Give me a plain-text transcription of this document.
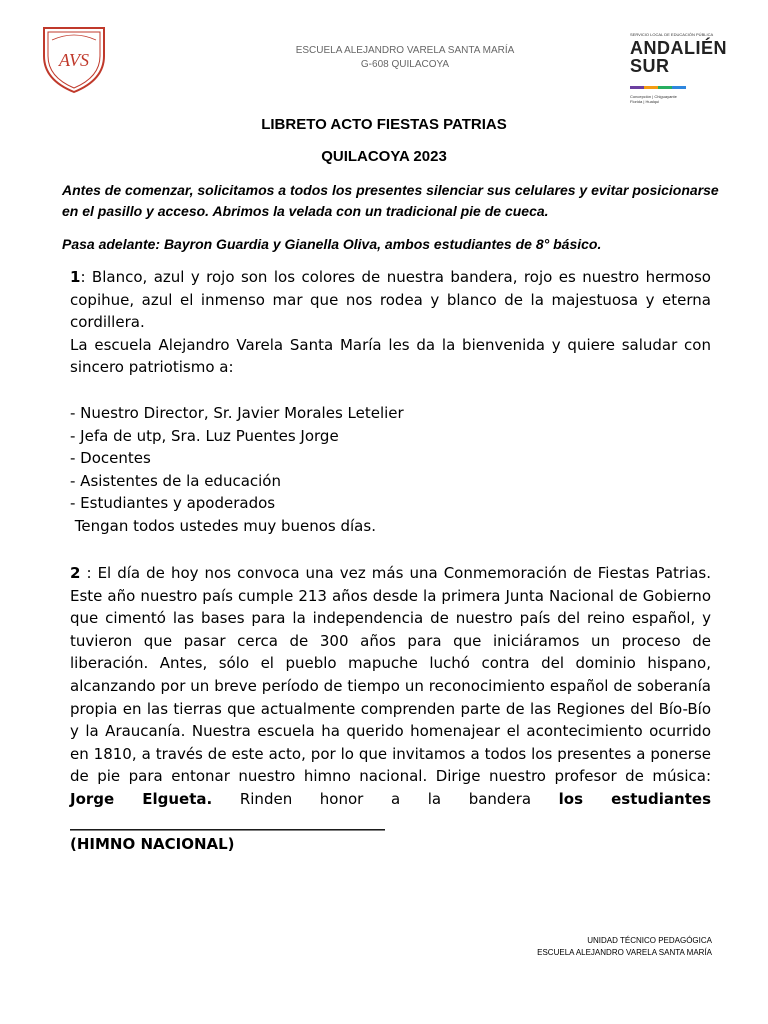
AVS	ESCUELA ALEJANDRO VARELA SANTA MARÍA
G-608 QUILACOYA
SERVICIO LOCAL DE EDUCACIÓN PÚBLICA
ANDALIÉN
SUR
Concepción | Chiguayante
Florida | Hualqui
LIBRETO ACTO FIESTAS PATRIAS
QUILACOYA 2023
Antes de comenzar, solicitamos a todos los presentes silenciar sus celulares y evitar posicionarse en el pasillo y acceso. Abrimos la velada con un tradicional pie de cueca.
Pasa adelante: Bayron Guardia y Gianella Oliva, ambos estudiantes de 8° básico.

1: Blanco, azul y rojo son los colores de nuestra bandera, rojo es nuestro hermoso copihue, azul el inmenso mar que nos rodea y blanco de la majestuosa y eterna cordillera.

La escuela Alejandro Varela Santa María les da la bienvenida y quiere saludar con sincero patriotismo a:

- Nuestro Director, Sr. Javier Morales Letelier
- Jefa de utp, Sra. Luz Puentes Jorge
- Docentes
- Asistentes de la educación
- Estudiantes y apoderados
Tengan todos ustedes muy buenos días.

2 : El día de hoy nos convoca una vez más una Conmemoración de Fiestas Patrias. Este año nuestro país cumple 213 años desde la primera Junta Nacional de Gobierno que cimentó las bases para la independencia de nuestro país del reino español, y tuvieron que pasar cerca de 300 años para que iniciáramos un proceso de liberación. Antes, sólo el pueblo mapuche luchó contra del dominio hispano, alcanzando por un breve período de tiempo un reconocimiento español de soberanía propia en las tierras que actualmente comprenden parte de las Regiones del Bío-Bío y la Araucanía. Nuestra escuela ha querido homenajear el acontecimiento ocurrido en 1810, a través de este acto, por lo que invitamos a todos los presentes a ponerse de pie para entonar nuestro himno nacional. Dirige nuestro profesor de música: Jorge Elgueta. Rinden honor a la bandera los estudiantes __________________________________________

(HIMNO NACIONAL)
UNIDAD TÉCNICO PEDAGÓGICA
ESCUELA ALEJANDRO VARELA SANTA MARÍA
